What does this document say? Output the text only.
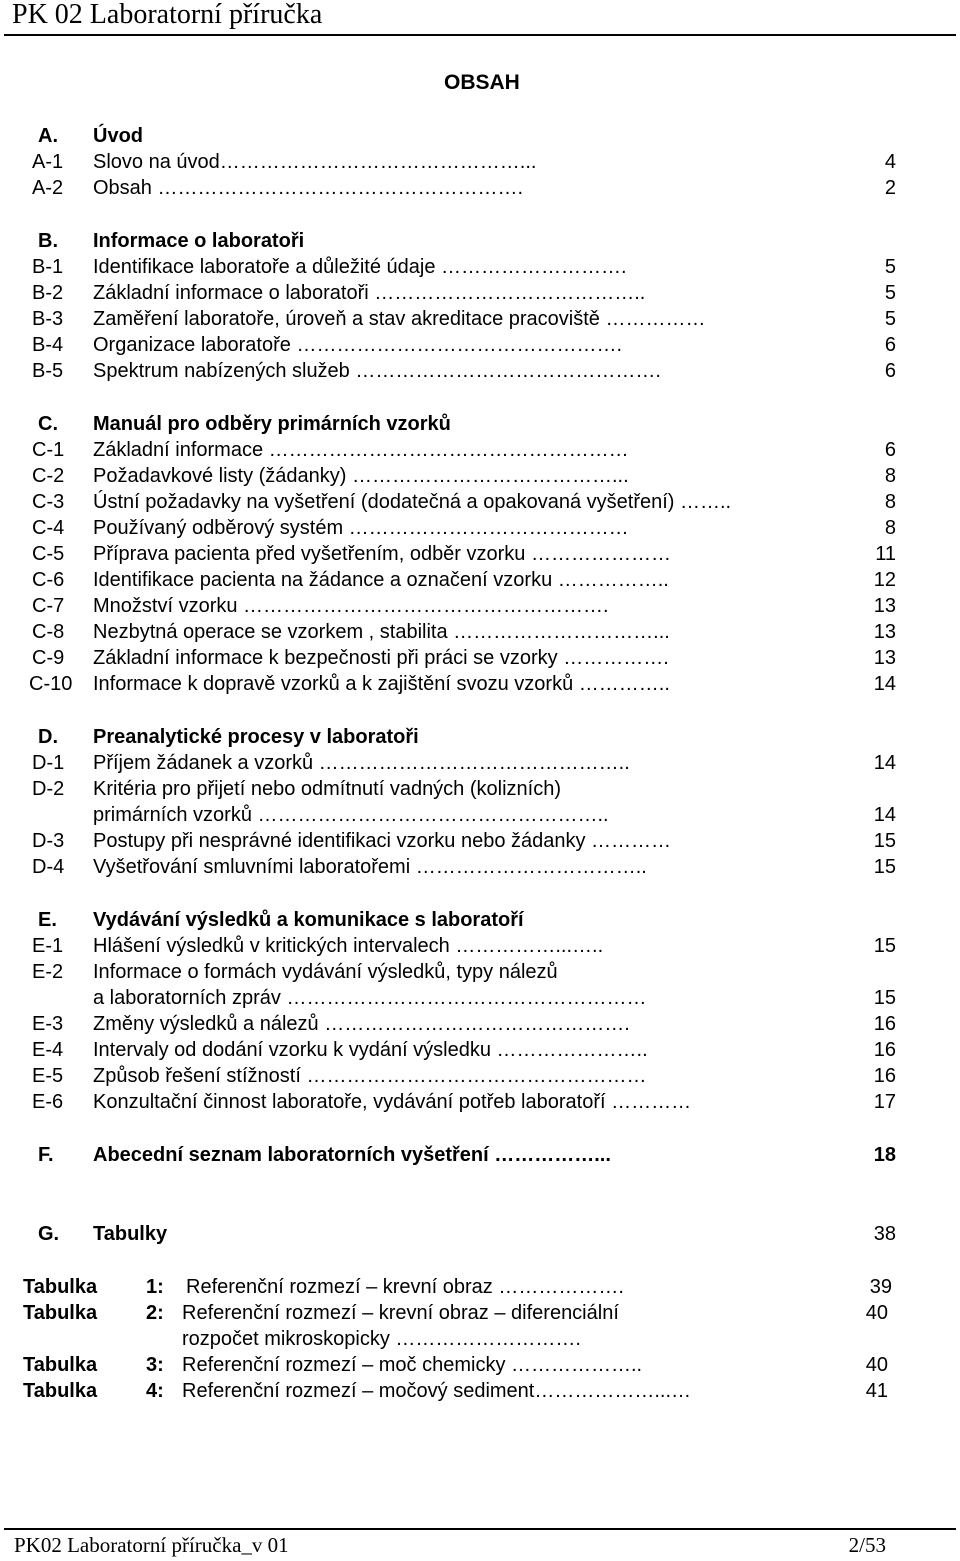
PK 02 Laboratorní příručka
OBSAH
A. Úvod
A-1 Slovo na úvod………………………………………...	4
A-2 Obsah ……………………………………………….	2
B. Informace o laboratoři
B-1 Identifikace laboratoře a důležité údaje ……………………….	5
B-2 Základní informace o laboratoři …………………………………..	5
B-3 Zaměření laboratoře, úroveň a stav akreditace pracoviště ……………	5
B-4 Organizace laboratoře ………………………………………….	6
B-5 Spektrum nabízených služeb ……………………………………….	6
C. Manuál pro odběry primárních vzorků
C-1 Základní informace ………………………………………………	6
C-2 Požadavkové listy (žádanky) …………………………………...	8
C-3 Ústní požadavky na vyšetření (dodatečná a opakovaná vyšetření) ……..	8
C-4 Používaný odběrový systém ……………………………………	8
C-5 Příprava pacienta před vyšetřením, odběr vzorku …………………	11
C-6 Identifikace pacienta na žádance a označení vzorku ……………..	12
C-7 Množství vzorku ……………………………………………….	13
C-8 Nezbytná operace se vzorkem , stabilita …………………………...	13
C-9 Základní informace k bezpečnosti při práci se vzorky …………….	13
C-10 Informace k dopravě vzorků a k zajištění svozu vzorků …………..	14
D. Preanalytické procesy v laboratoři
D-1 Příjem žádanek a vzorků ………………………………………..	14
D-2 Kritéria pro přijetí nebo odmítnutí vadných (kolizních)
primárních vzorků ……………………………………………..	14
D-3 Postupy při nesprávné identifikaci vzorku nebo žádanky …………	15
D-4 Vyšetřování smluvními laboratořemi ……………………………..	15
E. Vydávání výsledků a komunikace s laboratoří
E-1 Hlášení výsledků v kritických intervalech ……………...…..	15
E-2 Informace o formách vydávání výsledků, typy nálezů
a laboratorních zpráv ………………………………………………	15
E-3 Změny výsledků a nálezů ……………………………………….	16
E-4 Intervaly od dodání vzorku k vydání výsledku …………………..	16
E-5 Způsob řešení stížností ……………………………………………	16
E-6 Konzultační činnost laboratoře, vydávání potřeb laboratoří …………	17
F. Abecední seznam laboratorních vyšetření ……………...	18
G. Tabulky	38
Tabulka 1: Referenční rozmezí – krevní obraz ……………….	39
Tabulka 2: Referenční rozmezí – krevní obraz – diferenciální	40
rozpočet mikroskopicky ……………………….
Tabulka 3: Referenční rozmezí – moč chemicky ………………..	40
Tabulka 4: Referenční rozmezí – močový sediment………………...…	41
PK02 Laboratorní příručka_v 01	2/53
